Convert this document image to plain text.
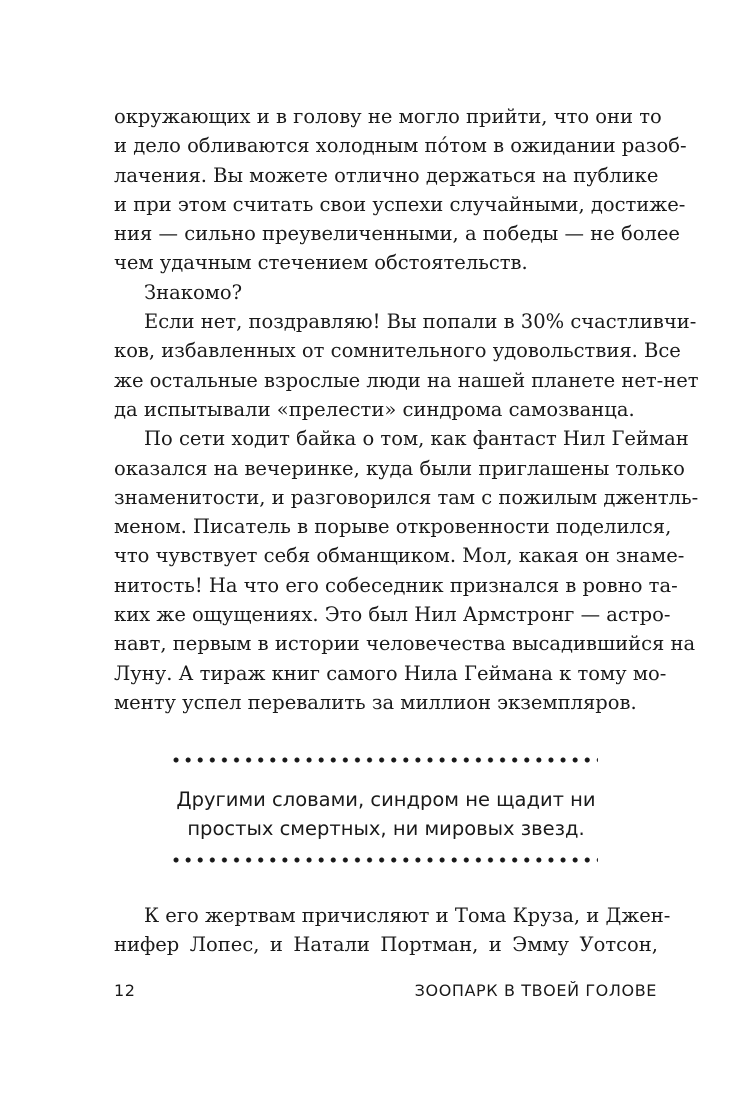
окружающих и в голову не могло прийти, что они то
и дело обливаются холодным пóтом в ожидании разоб-
лачения. Вы можете отлично держаться на публике
и при этом считать свои успехи случайными, достиже-
ния — сильно преувеличенными, а победы — не более
чем удачным стечением обстоятельств.
Знакомо?
Если нет, поздравляю! Вы попали в 30% счастливчи-
ков, избавленных от сомнительного удовольствия. Все
же остальные взрослые люди на нашей планете нет-нет
да испытывали «прелести» синдрома самозванца.
По сети ходит байка о том, как фантаст Нил Гейман
оказался на вечеринке, куда были приглашены только
знаменитости, и разговорился там с пожилым джентль-
меном. Писатель в порыве откровенности поделился,
что чувствует себя обманщиком. Мол, какая он знаме-
нитость! На что его собеседник признался в ровно та-
ких же ощущениях. Это был Нил Армстронг — астро-
навт, первым в истории человечества высадившийся на
Луну. А тираж книг самого Нила Геймана к тому мо-
менту успел перевалить за миллион экземпляров.
Другими словами, синдром не щадит ни
простых смертных, ни мировых звезд.
К его жертвам причисляют и Тома Круза, и Джен-
нифер Лопес, и Натали Портман, и Эмму Уотсон,
12	ЗООПАРК В ТВОЕЙ ГОЛОВЕ
